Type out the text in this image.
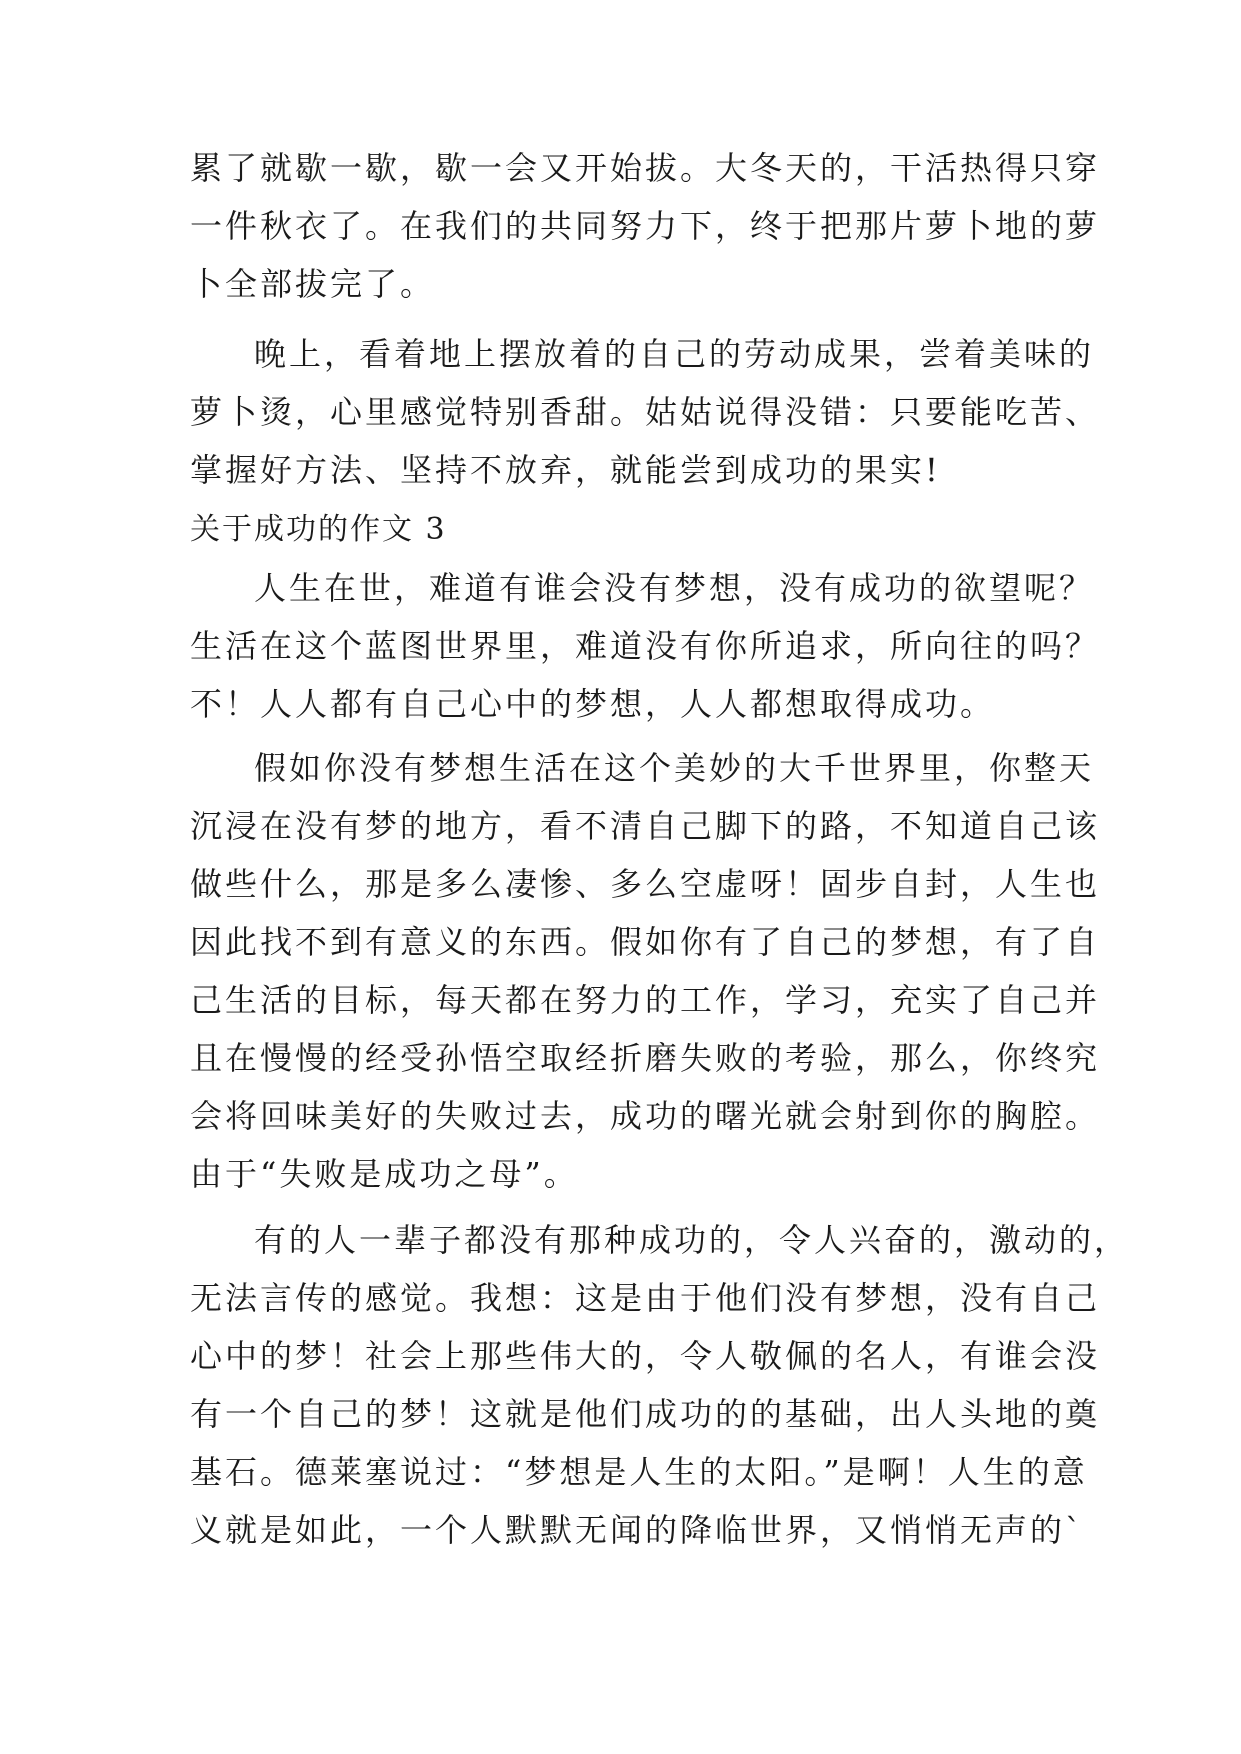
累了就歇一歇，歇一会又开始拔。大冬天的，干活热得只穿
一件秋衣了。在我们的共同努力下，终于把那片萝卜地的萝
卜全部拔完了。
晚上，看着地上摆放着的自己的劳动成果，尝着美味的
萝卜烫，心里感觉特别香甜。姑姑说得没错：只要能吃苦、
掌握好方法、坚持不放弃，就能尝到成功的果实!
关于成功的作文 3
人生在世，难道有谁会没有梦想，没有成功的欲望呢？
生活在这个蓝图世界里，难道没有你所追求，所向往的吗？
不！人人都有自己心中的梦想，人人都想取得成功。
假如你没有梦想生活在这个美妙的大千世界里，你整天
沉浸在没有梦的地方，看不清自己脚下的路，不知道自己该
做些什么，那是多么凄惨、多么空虚呀！固步自封，人生也
因此找不到有意义的东西。假如你有了自己的梦想，有了自
己生活的目标，每天都在努力的工作，学习，充实了自己并
且在慢慢的经受孙悟空取经折磨失败的考验，那么，你终究
会将回味美好的失败过去，成功的曙光就会射到你的胸腔。
由于“失败是成功之母”。
有的人一辈子都没有那种成功的，令人兴奋的，激动的，
无法言传的感觉。我想：这是由于他们没有梦想，没有自己
心中的梦！社会上那些伟大的，令人敬佩的名人，有谁会没
有一个自己的梦！这就是他们成功的的基础，出人头地的奠
基石。德莱塞说过：“梦想是人生的太阳。”是啊！人生的意
义就是如此，一个人默默无闻的降临世界，又悄悄无声的`
